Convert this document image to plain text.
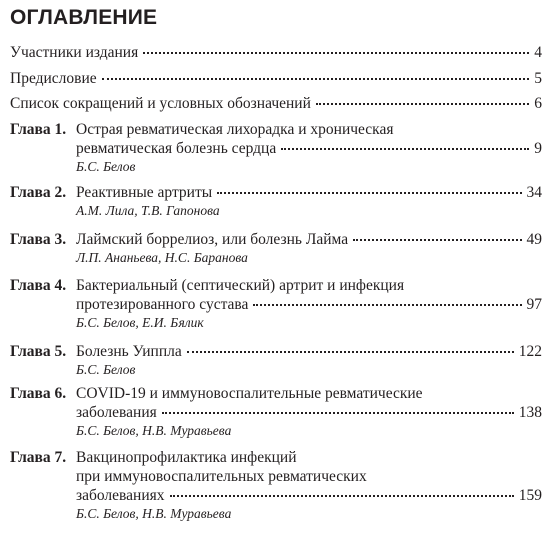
ОГЛАВЛЕНИЕ
Участники издания	4
Предисловие	5
Список сокращений и условных обозначений	6
Глава 1. Острая ревматическая лихорадка и хроническая
ревматическая болезнь сердца	9
Б.С. Белов
Глава 2. Реактивные артриты	34
А.М. Лила, Т.В. Гапонова
Глава 3. Лаймский боррелиоз, или болезнь Лайма	49
Л.П. Ананьева, Н.С. Баранова
Глава 4. Бактериальный (септический) артрит и инфекция
протезированного сустава	97
Б.С. Белов, Е.И. Бялик
Глава 5. Болезнь Уиппла	122
Б.С. Белов
Глава 6. COVID-19 и иммуновоспалительные ревматические
заболевания	138
Б.С. Белов, Н.В. Муравьева
Глава 7. Вакцинопрофилактика инфекций
при иммуновоспалительных ревматических
заболеваниях	159
Б.С. Белов, Н.В. Муравьева
